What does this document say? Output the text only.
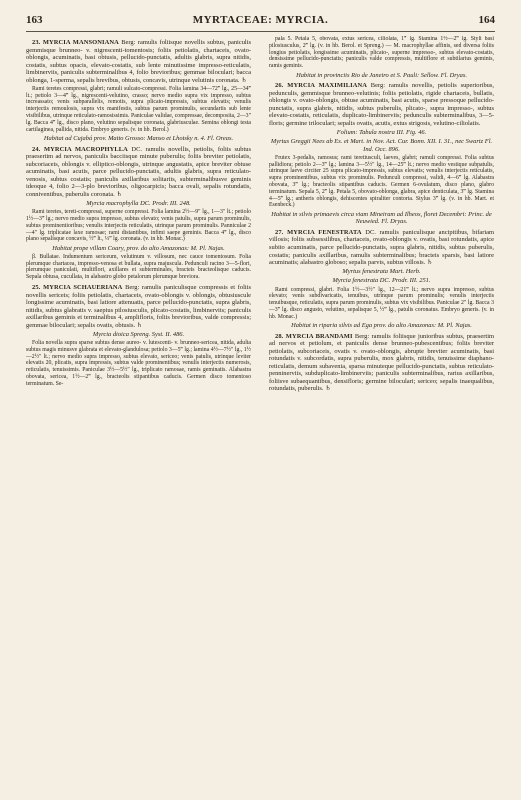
163	MYRTACEAE: MYRCIA.	164

23. MYRCIA MANSONIANA Berg: ramulis foliisque novellis subtus, paniculis gemmisque brunneo- v. nigrescenti-tomentosis; foliis petiolatis, chartaceis, ovato-oblongis, acuminatis, basi obtusis, pellucido-punctatis, adultis glabris, supra nitidis, costatis, subtus opacis, elevato-costatis, sub lente minutissime impresso-reticulatis, limbinerviis, paniculis subterminalibus 4, folio brevioribus; gemmae biloculari; bacca oblonga, 1-sperma, sepalis brevibus, obtusis, concavis, utrinque velutinis coronata. ♄

Rami teretes compressi, glabri; ramuli sulcato-compressi. Folia lamina 34—72‴ lg., 25—34‴ lt.; petiolo 3—4‴ lg., nigrescenti-velutino, crasso; nervo medio supra vix impresso, subtus increassato; venis subparallelis, remotis, supra plicato-impressis, subtus elevatis; venulis interjectis remoulosis, supra vix manifestis, subtus parum prominulis, secundariis sub lente visibilibus, utrinque reticulato-ramosissimis. Paniculae validae, compressae, decomposita, 2—3″ lg. Bacca 4‴ lg., disco plano, velutino sepalisque coronata, glabriusculae. Semina oblongi testa cartilaginea, pallida, nitida. Embryo generis. (v. in hb. Berol.)

Habitat ad Cujabá prov. Matto Grosso: Manso et Lhotsky n. 4. Fl. Oreas.

24. MYRCIA MACROPHYLLA DC. ramulis novellis, petiolis, foliis subtus praesertim ad nervos, paniculis bacciisque minute puberulis; foliis breviter petiolatis, subcoriaceis, oblongis v. elliptico-oblongis, utrinque angustatis, apice breviter obtuse acuminatis, basi acutis, parce pellucido-punctatis, adultis glabris, supra reticulato-venosis, subtus costatis; paniculis axillaribus solitariis, subterminalibusve geminis ideoque 4, folio 2—3-plo brevioribus, oligocarpicis; bacca ovali, sepalis rotundatis, conniventibus, puberulis coronata. ♄

Myrcia macrophylla DC. Prodr. III. 248.

Rami teretes, tereti-compressi, superne compressi. Folia lamina 2½—9″ lg., 1—3″ lt.; petiolo 1½—3‴ lg.; nervo medio supra impresso, subtus elevato; venis patulis, supra parum prominulis, subtus prominentioribus; venulis interjectis reticulatis, utrinque parum prominulis. Panniculae 2—4″ lg. triplicatae laxe ramosae; rami distantibus, infimi saepe geminis. Bacca 4‴ lg., disco plano sepalisque concavis, ½‴ lt., ⅓‴ lg. coronata. (v. in hb. Monac.)

Habitat prope villam Coary, prov. do alto Amazonas: M. Pl. Najas.

β. Bullatae. Indumentum sericeum, velutinum v. villosum, nec cauce tomentosum. Folia plerumque chartacea, impresso-venosa et bullata, supra majuscula. Pedunculi racino 3—5-flori, plerumque paniculati, multiflori, axillares et subterminales, bracteis bracteolisque caducis. Sepala obtusa, cucullata, in alabastro globo petalorum plerumque breviora.

25. MYRCIA SCHAUERIANA Berg: ramulis paniculisque compressis et foliis novellis sericeis; foliis petiolatis, chartaceis, ovato-oblongis v. oblongis, obtusiuscule longissime acuminatis, basi latiore attenuatis, parce pellucido-punctatis, supra glabris, nitidis, subtus glabratis v. saepius pilosiusculis, plicato-costatis, limbinerviis; paniculis axillaribus geminis et terminalibus 4, amplifloris, foliis brevioribus, valde compressis; gemmae biloculari; sepalis ovatis, obtusis. ♄

Myrcia dioica Spreng. Syst. II. 486.

Folia novella supra sparse subtus dense aureo- v. lutescenti- v. brunneo-sericea, nitida, adulta subtus magis minusve glabrata et elevato-glandulosa; petiolo 3—5‴ lg.; lamina 4½—7½″ lg., 1½—2½″ lt.; nervo medio supra impresso, subtus elevato, sericeo; venis patulis, utrinque leviter elevatis 20, plicatis, supra impressis, subtus valde prominentibus; venulis interjectis numerosis, reticulatis, tenuissimis. Paniculae 3½—5½″ lg., triplicato ramosae, ramis geminatis. Alabastra obovata, sericea, 1½—2‴ lg., bracteolis stipantibus caducis. Germen disco tomentoso terminatum. Se-

pala 5. Petala 5, obovata, extus sericea, ciliolata, 1‴ lg. Stamina 1½—2‴ lg. Styli basi pilosiusculus, 2‴ lg. (v. in hb. Berol. et Spreng.) — M. macrophyllae affinis, sed diversa foliis longius petiolatis, longissime acuminatis, plicato-, superne impresso-, subtus elevato-costatis, densissime pellucido-punctatis; paniculis valde compressis, multiflore et subtilarius geminis, ramis geminis.

Habitat in provinciis Rio de Janeiro et S. Pauli: Sellow. Fl. Dryas.

26. MYRCIA MAXIMILIANA Berg: ramulis novellis, petiolis superioribus, pedunculis, gemmisque brunneo-velutinis; foliis petiolatis, rigide chartaceis, bullatis, oblongis v. ovato-oblongis, obtuse acuminatis, basi acutis, sparse pressoque pellucido-punctatis, supra glabris, nitidis, subtus puberulis, plicato-, supra impresso-, subtus elevato-costatis, reticulatis, duplicato-limbinerviis; pedunculis subterminalibus, 3—5-floris; germine triloculari; sepalis ovatis, acutis, extus strigosis, velutino-ciliolatis.

Folium: Tabula nostra III. Fig. 46.

Myrtus Greggii Nees ab Es. et Mart. in Nov. Act. Cur. Bonn. XII. I. 31., nec Swartz Fl. Ind. Occ. 896.

Frutex 3-pedalis, ramosus; rami teretiusculi, laeves, glabri; ramuli compressi. Folia subtus pallidiora; petiolo 2—3‴ lg.; lamina 3—5½″ lg., 14—25‴ lt.; nervo medio vestique subpatulis, utrinque laeve circiter 25 supra plicato-impressis, subtus elevatis; venulis interjectis reticulatis, supra prominentibus, subtus vix prominulis. Pedunculi compressi, validi, 4—6‴ lg. Alabastra obovata, 3‴ lg.; bracteolis stipantibus caducis. Germen 6-ovulatum, disco plano, glabro terminatum. Sepala 5, 2‴ lg. Petala 5, obovato-oblonga, glabra, apice denticulata, 3‴ lg. Stamina 4—5‴ lg.; antheris oblongis, dehiscentes spiraliter contorta. Stylus 3‴ lg. (v. in hb. Mart. et Esenbeck.)

Habitat in silvis primaevis circa viam Mineiram ad Ilheos, floret Decembri: Princ. de Neuwied. Fl. Dryas.

27. MYRCIA FENESTRATA DC. ramulis paniculisque ancipitibus, bifariam villosis; foliis subsessilibus, chartaceis, ovato-oblongis v. ovatis, basi rotundatis, apice subito acuminatis, parce pellucido-punctatis, supra glabris, nitidis, subtus puberulis, costatis; paniculis axillaribus, ramulis subterminalibus; bracteis sparsis, basi latiore acuminatis; alabastro globoso; sepalis parvis, subtus villosis. ♄

Myrtus fenestrata Mart. Herb.

Myrcia fenestrata DC. Prodr. III. 251.

Rami compressi, glabri. Folia 1½—3½″ lg., 12—21‴ lt.; nervo supra impresso, subtus elevato; venis subdivaricatis, tenuibus, utrinque parum prominulis; venulis interjectis tenuibusque, reticulatis, supra parum prominulis, subtus vix visibilibus. Paniculae 2″ lg. Bacca 3—3‴ lg. disco angusto, velutino, sepalisque 5, ½‴ lg., patulis coronatus. Embryo generis. (v. in hb. Monac.)

Habitat in riparia silvis ad Ega prov. do alto Amazonas: M. Pl. Najas.

28. MYRCIA BRANDAMI Berg: ramulis foliisque junioribus subtus, praesertim ad nervos et petiolum, et paniculis dense brunneo-pubescentibus; foliis breviter petiolatis, subcoriaceis, ovatis v. ovato-oblongis, abrupte breviter acuminatis, basi rotundatis v. subcordatis, supra puberulis, mox glabris, nitidis, tenuissime diaphano-reticulatis, demum subavenia, sparsa minuteque pellucido-punctatis, subtus reticulato-penninerviis, subduplicato-limbinerviis; paniculis subterminalibus, rarius axillaribus, foliisve subaequantibus, densifloris; germine biloculari; sericeo; sepalis inaequalibus, rotundatis, puberulis. ♄
